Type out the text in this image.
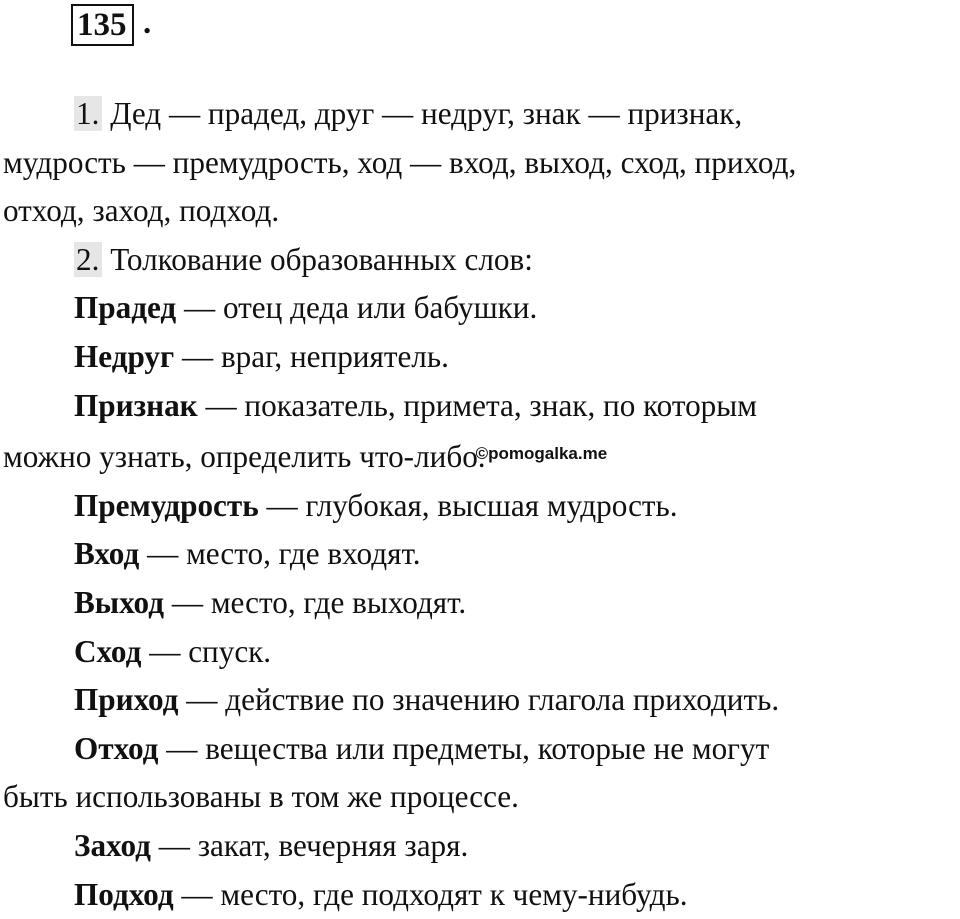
135 .

1. Дед — прадед, друг — недруг, знак — признак,

мудрость — премудрость, ход — вход, выход, сход, приход,

отход, заход, подход.

2. Толкование образованных слов:

Прадед — отец деда или бабушки.

Недруг — враг, неприятель.

Признак — показатель, примета, знак, по которым

можно узнать, определить что-либо.$^{©pomogalka.me}$

Премудрость — глубокая, высшая мудрость.

Вход — место, где входят.

Выход — место, где выходят.

Сход — спуск.

Приход — действие по значению глагола приходить.

Отход — вещества или предметы, которые не могут

быть использованы в том же процессе.

Заход — закат, вечерняя заря.

Подход — место, где подходят к чему-нибудь.
